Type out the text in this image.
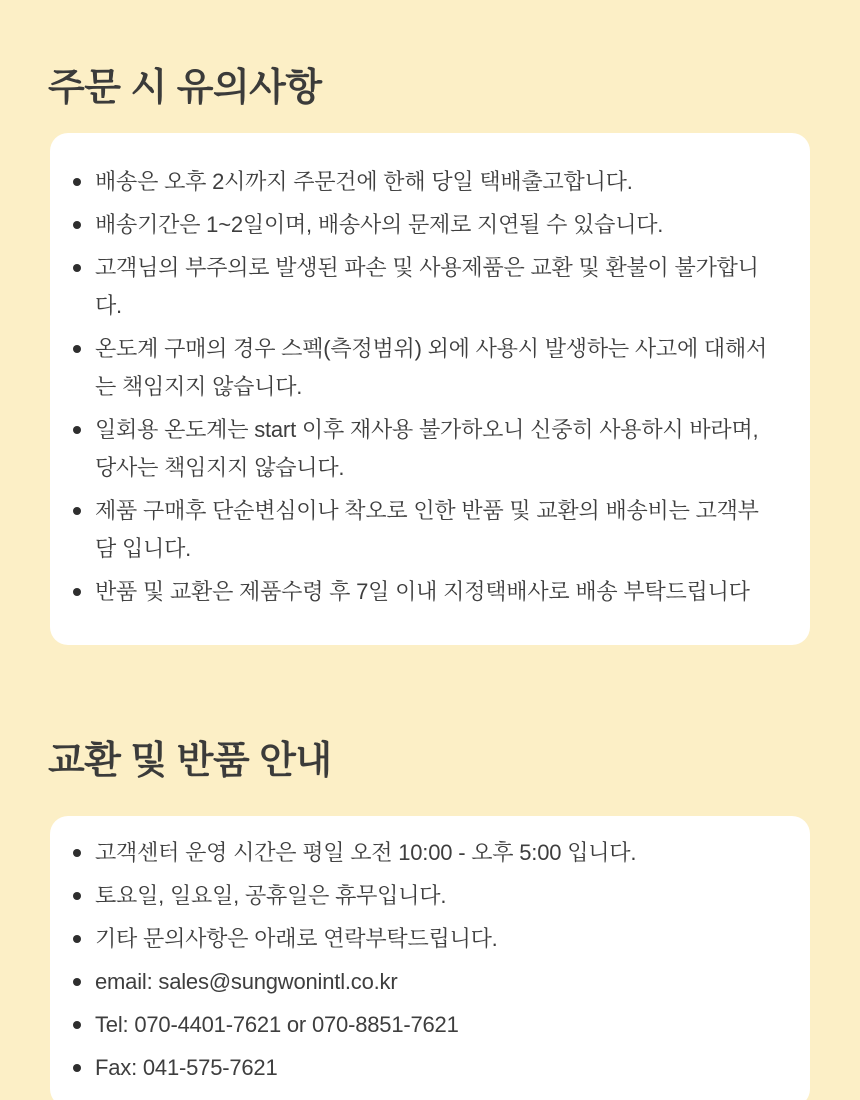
주문 시 유의사항
배송은 오후 2시까지 주문건에 한해 당일 택배출고합니다.
배송기간은 1~2일이며, 배송사의 문제로 지연될 수 있습니다.
고객님의 부주의로 발생된 파손 및 사용제품은 교환 및 환불이 불가합니다.
온도계 구매의 경우 스펙(측정범위) 외에 사용시 발생하는 사고에 대해서는 책임지지 않습니다.
일회용 온도계는 start 이후 재사용 불가하오니 신중히 사용하시 바라며, 당사는 책임지지 않습니다.
제품 구매후 단순변심이나 착오로 인한 반품 및 교환의 배송비는 고객부담 입니다.
반품 및 교환은 제품수령 후 7일 이내 지정택배사로 배송 부탁드립니다
교환 및 반품 안내
고객센터 운영 시간은 평일 오전 10:00 - 오후 5:00 입니다.
토요일, 일요일, 공휴일은 휴무입니다.
기타 문의사항은 아래로 연락부탁드립니다.
email: sales@sungwonintl.co.kr
Tel: 070-4401-7621 or 070-8851-7621
Fax: 041-575-7621
